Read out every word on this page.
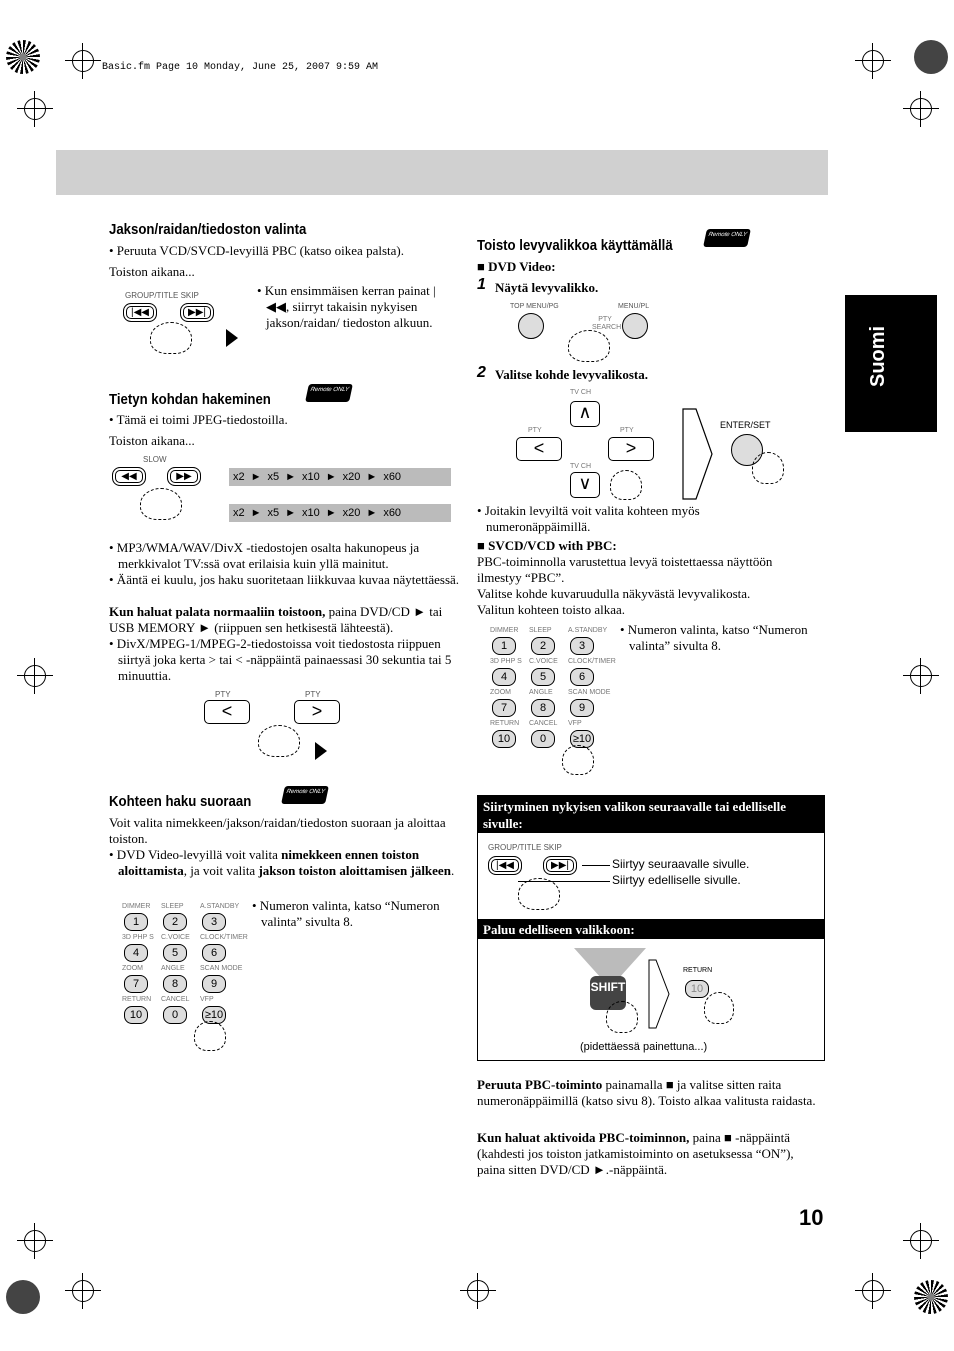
Basic.fm Page 10 Monday, June 25, 2007 9:59 AM
Suomi
Jakson/raidan/tiedoston valinta
• Peruuta VCD/SVCD-levyillä PBC (katso oikea palsta).
Toiston aikana...
GROUP/TITLE SKIP
|◀◀	▶▶|
• Kun ensimmäisen kerran painat |◀◀, siirryt takaisin nykyisen jakson/raidan/ tiedoston alkuun.
Tietyn kohdan hakeminen
Remote ONLY
• Tämä ei toimi JPEG-tiedostoilla.
Toiston aikana...
SLOW
◀◀	▶▶	x2 ► x5 ► x10 ► x20 ► x60
x2 ► x5 ► x10 ► x20 ► x60
• MP3/WMA/WAV/DivX -tiedostojen osalta hakunopeus ja merkkivalot TV:ssä ovat erilaisia kuin yllä mainitut.
• Ääntä ei kuulu, jos haku suoritetaan liikkuvaa kuvaa näytettäessä.
Kun haluat palata normaaliin toistoon, paina DVD/CD ► tai USB MEMORY ► (riippuen sen hetkisestä lähteestä).
• DivX/MPEG-1/MPEG-2-tiedostoissa voit tiedostosta riippuen siirtyä joka kerta > tai < -näppäintä painaessasi 30 sekuntia tai 5 minuuttia.
PTY	PTY
<	>
Kohteen haku suoraan
Remote ONLY
Voit valita nimekkeen/jakson/raidan/tiedoston suoraan ja aloittaa toiston.
• DVD Video-levyillä voit valita nimekkeen ennen toiston aloittamista, ja voit valita jakson toiston aloittamisen jälkeen.
DIMMER
1
SLEEP
2
A.STANDBY
3
3D PHP S
4
C.VOICE
5
CLOCK/TIMER
6
ZOOM
7
ANGLE
8
SCAN MODE
9
RETURN
10
CANCEL
0
VFP
≥10
• Numeron valinta, katso “Numeron valinta” sivulta 8.
Toisto levyvalikkoa käyttämällä
Remote ONLY
■ DVD Video:
1 Näytä levyvalikko.
TOP MENU/PG	MENU/PL
PTY SEARCH
2 Valitse kohde levyvalikosta.
TV CH
∧
PTY	PTY
<	>
TV CH
∨
ENTER/SET
• Joitakin levyiltä voit valita kohteen myös numeronäppäimillä.
■ SVCD/VCD with PBC:
PBC-toiminnolla varustettua levyä toistettaessa näyttöön ilmestyy “PBC”.
Valitse kohde kuvaruudulla näkyvästä levyvalikosta.
Valitun kohteen toisto alkaa.
DIMMER
1
SLEEP
2
A.STANDBY
3
3D PHP S
4
C.VOICE
5
CLOCK/TIMER
6
ZOOM
7
ANGLE
8
SCAN MODE
9
RETURN
10
CANCEL
0
VFP
≥10
• Numeron valinta, katso “Numeron valinta” sivulta 8.
Siirtyminen nykyisen valikon seuraavalle tai edelliselle sivulle:
GROUP/TITLE SKIP
|◀◀	▶▶|	Siirtyy seuraavalle sivulle.
Siirtyy edelliselle sivulle.
Paluu edelliseen valikkoon:
SHIFT
RETURN
10
(pidettäessä painettuna...)
Peruuta PBC-toiminto painamalla ■ ja valitse sitten raita numeronäppäimillä (katso sivu 8). Toisto alkaa valitusta raidasta.
Kun haluat aktivoida PBC-toiminnon, paina ■ -näppäintä (kahdesti jos toiston jatkamistoiminto on asetuksessa “ON”), paina sitten DVD/CD ►.-näppäintä.
10
